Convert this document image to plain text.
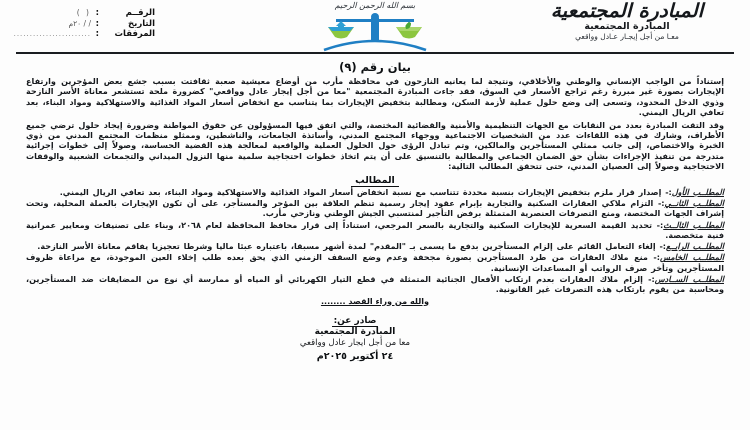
المبادرة المجتمعية
المبادرة المجتمعية
معـا من أجل إيجـار عـادل وواقعي
بسم الله الرحمن الرحيم
الرقــم
:
( )
التاريخ
:
/ / ٢٠م
المرفقات
:
........................
بيان رقم (٩)

إستناداً من الواجب الإنساني والوطني والأخلاقي، ونتيجة لما يعانيه النازحون في محافظة مأرب من أوضاع معيشية صعبة ثقافتت بسبب جشع بعض المؤجرين وارتفاع الإيجارات بصورة غير مبررة رغم تراجع الأسعار في السوق، فقد جاءت المبادرة المجتمعية "معا من أجل إيجار عادل وواقعي" كضرورة ملحة تستشعر معاناة الأسر النازحة وذوي الدخل المحدود، وتسعى إلى وضع حلول عملية لأزمة السكن، ومطالبة بتخفيض الإيجارات بما يتناسب مع انخفاض أسعار المواد الغذائية والاستهلاكية ومواد البناء، بعد تعافي الريال اليمني.

وقد التقت المبادرة بعدد من النقابات مع الجهات التنظيمية والأمنية والقضائية المختصة، والتي اتفق فيها المسؤولون عن حقوق المواطنة وضرورة إيجاد حلول ترضي جميع الأطراف، وشارك في هذه اللقاءات عدد من الشخصيات الاجتماعية ووجهاء المجتمع المدني، وأساتذة الجامعات، والناشطين، وممثلو منظمات المجتمع المدني من ذوي الخبرة والاختصاص، إلى جانب ممثلي المستأجرين والمالكين، وتم تبادل الرؤى حول الحلول العملية والواقعية لمعالجة هذه القضية الحساسة، وصولاً إلى خطوات إجرائية متدرجة من تنفيذ الإجراءات بشأن حق الضمان الجماعي والمطالبة بالتنسيق على أن يتم اتخاذ خطوات احتجاجية سلمية منها النزول الميداني والتجمعات الشعبية والوقفات الاحتجاجية وصولاً إلى العصيان المدني، حتى تتحقق المطالب التالية:

المطالب

المطلــب الأول:- إصدار قرار ملزم بتخفيض الإيجارات بنسبة محددة تتناسب مع نسبة انخفاض أسعار المواد الغذائية والاستهلاكية ومواد البناء، بعد تعافي الريال اليمني.

المطلــب الثانــي:- التزام ملاكي العقارات السكنية والتجارية بإبرام عقود إيجار رسمية تنظم العلاقة بين المؤجر والمستأجر، على أن تكون الإيجارات بالعملة المحلية، وتحت إشراف الجهات المختصة، ومنع التصرفات العنصرية المتمثلة برفض التأجير لمنتسبي الجيش الوطني ونازحي مأرب.

المطلــب الثالــث:- تحديد القيمة السعرية للإيجارات السكنية والتجارية بالسعر المرجعي، استناداً إلى قرار محافظ المحافظة لعام ٢٠٦٨، وبناء على تصنيفات ومعايير عمرانية فنية متخصصة.

المطلــب الرابــع:- إلغاء التعامل القائم على إلزام المستأجرين بدفع ما يسمى بـ "المقدم" لمدة أشهر مسبقا، باعتباره عبئا ماليا وشرطا تعجيزيا يفاقم معاناة الأسر النازحة.

المطلــب الخامس:- منع ملاك العقارات من طرد المستأجرين بصورة مجحفة وعدم وضع السقف الزمني الذي يحق بعده طلب إخلاء العين الموجودة، مع مراعاة ظروف المستأجرين وتأخر صرف الرواتب أو المساعدات الإنسانية.

المطلــب الســادس:- إلزام ملاك العقارات بعدم ارتكاب الأفعال الجنائية المتمثلة في قطع التيار الكهربائي أو المياه أو ممارسة أي نوع من المضايقات ضد المستأجرين، ومحاسبة من يقوم بارتكاب هذه التصرفات غير القانونية.

والله من وراء القصد ........
صادر عن:
المبادرة المجتمعية
معا من أجل ايجار عادل وواقعي
٢٤ أكتوبر ٢٠٢٥م
